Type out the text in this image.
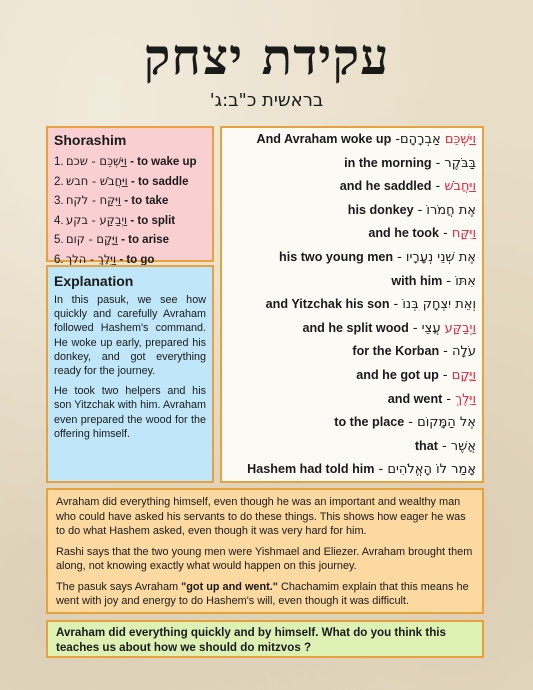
עקידת יצחק
בראשית כ"ב:ג'
Shorashim
1. וַיַּשְׁכֵּם - שכם - to wake up
2. וַיַּחֲבֹשׁ - חבש - to saddle
3. וַיִּקַּח - לקח - to take
4. וַיְבַקַּע - בקע - to split
5. וַיָּקָם - קום - to arise
6. וַיֵּלֶךְ - הלך - to go
Explanation

In this pasuk, we see how quickly and carefully Avraham followed Hashem's command. He woke up early, prepared his donkey, and got everything ready for the journey.

He took two helpers and his son Yitzchak with him. Avraham even prepared the wood for the offering himself.

And Avraham woke up	וַיַּשְׁכֵּם אַבְרָהָם-
in the morning בַּבֹּקֶר -
and he saddled וַיַּחֲבֹשׁ -
his donkey אֶת חֲמֹרוֹ -
and he took וַיִּקַּח -
his two young men אֶת שְׁנֵי נְעָרָיו -
with him אִתּוֹ -
and Yitzchak his son וְאֵת יִצְחָק בְּנוֹ -
and he split wood	וַיְבַקַּע עֲצֵי -
for the Korban עֹלָה -
and he got up וַיָּקָם -
and went וַיֵּלֶךְ -
to the place אֶל הַמָּקוֹם -
that אֲשֶׁר -
Hashem had told him אָמַר לוֹ הָאֱלֹהִים -

Avraham did everything himself, even though he was an important and wealthy man who could have asked his servants to do these things. This shows how eager he was to do what Hashem asked, even though it was very hard for him.

Rashi says that the two young men were Yishmael and Eliezer. Avraham brought them along, not knowing exactly what would happen on this journey.

The pasuk says Avraham "got up and went." Chachamim explain that this means he went with joy and energy to do Hashem's will, even though it was difficult.

Avraham did everything quickly and by himself. What do you think this teaches us about how we should do mitzvos ?
